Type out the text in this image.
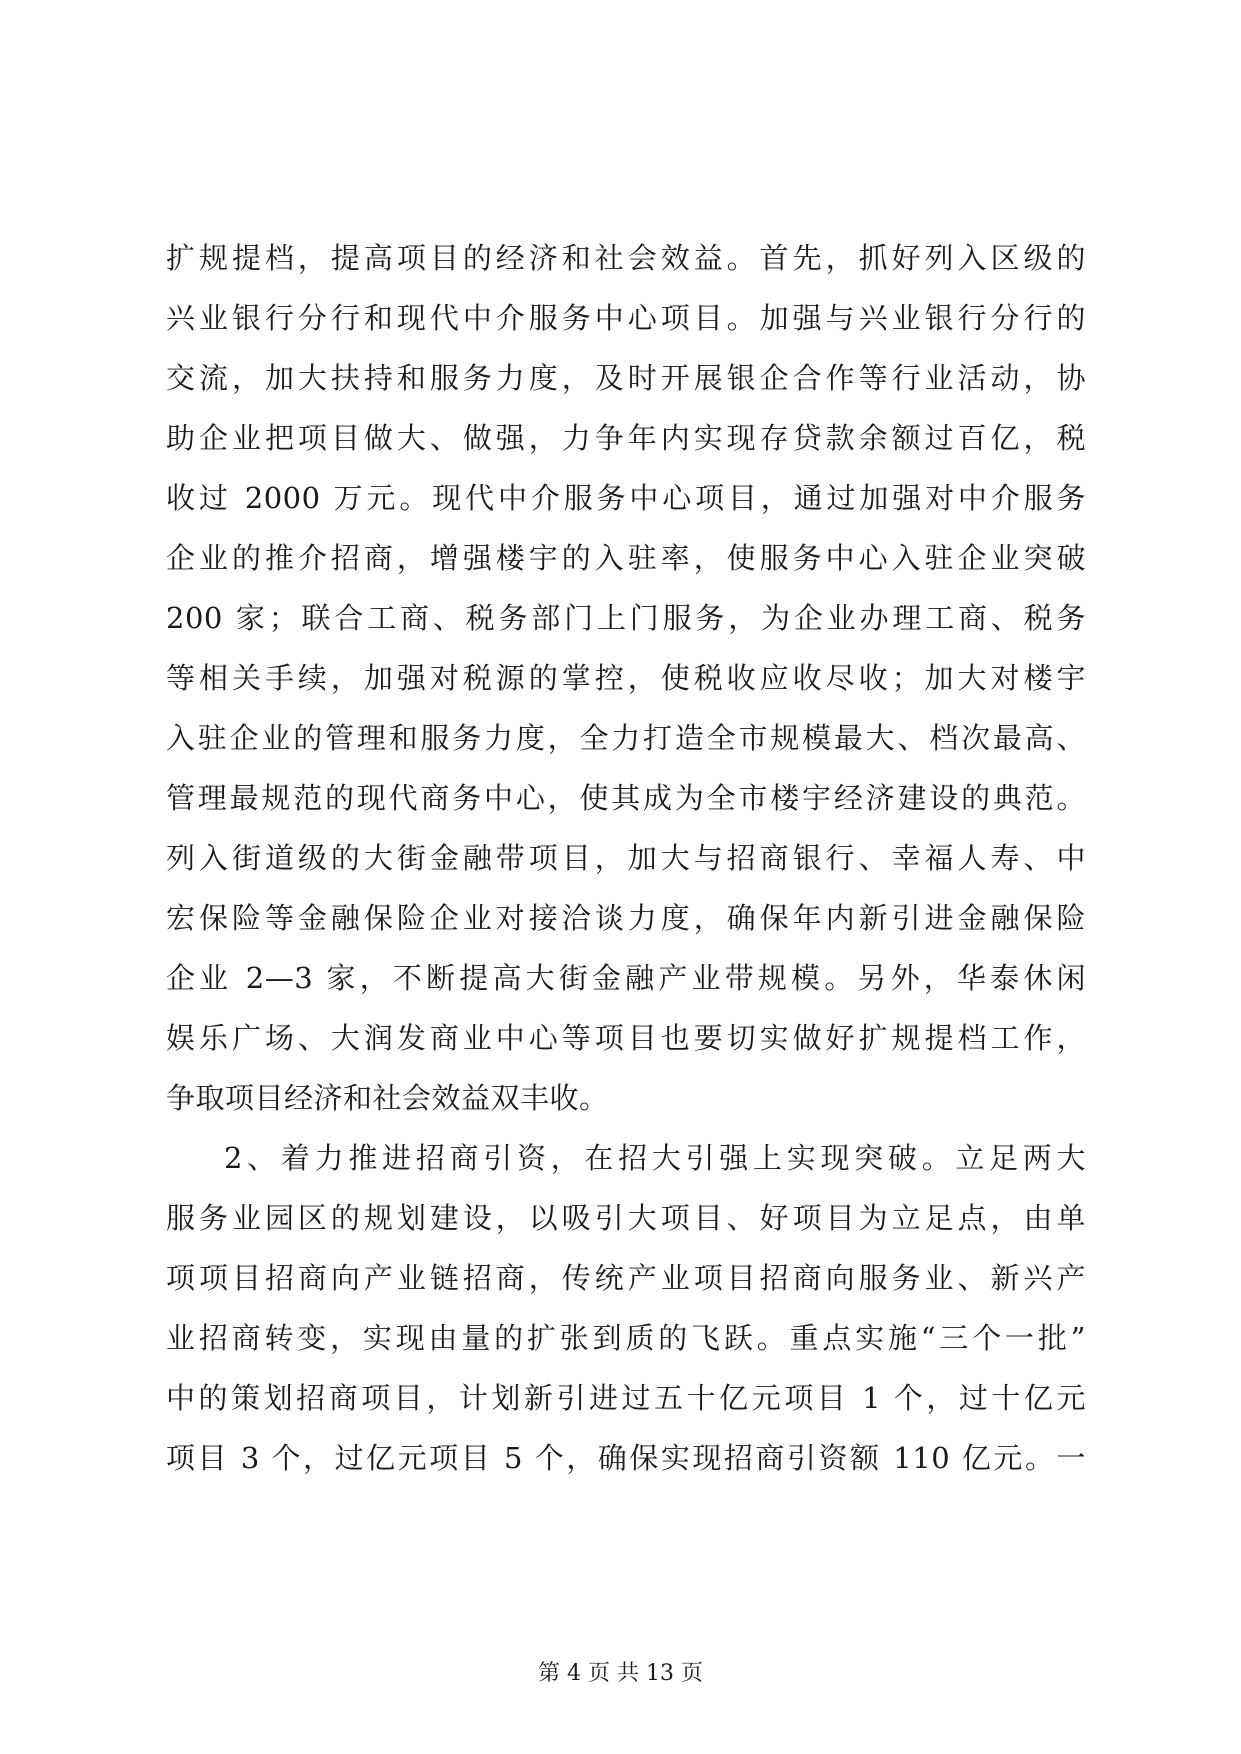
扩规提档，提高项目的经济和社会效益。首先，抓好列入区级的
兴业银行分行和现代中介服务中心项目。加强与兴业银行分行的
交流，加大扶持和服务力度，及时开展银企合作等行业活动，协
助企业把项目做大、做强，力争年内实现存贷款余额过百亿，税
收过 2000 万元。现代中介服务中心项目，通过加强对中介服务
企业的推介招商，增强楼宇的入驻率，使服务中心入驻企业突破
200 家；联合工商、税务部门上门服务，为企业办理工商、税务
等相关手续，加强对税源的掌控，使税收应收尽收；加大对楼宇
入驻企业的管理和服务力度，全力打造全市规模最大、档次最高、
管理最规范的现代商务中心，使其成为全市楼宇经济建设的典范。
列入街道级的大街金融带项目，加大与招商银行、幸福人寿、中
宏保险等金融保险企业对接洽谈力度，确保年内新引进金融保险
企业 2—3 家，不断提高大街金融产业带规模。另外，华泰休闲
娱乐广场、大润发商业中心等项目也要切实做好扩规提档工作，
争取项目经济和社会效益双丰收。
2、着力推进招商引资，在招大引强上实现突破。立足两大
服务业园区的规划建设，以吸引大项目、好项目为立足点，由单
项项目招商向产业链招商，传统产业项目招商向服务业、新兴产
业招商转变，实现由量的扩张到质的飞跃。重点实施“三个一批”
中的策划招商项目，计划新引进过五十亿元项目 1 个，过十亿元
项目 3 个，过亿元项目 5 个，确保实现招商引资额 110 亿元。一
第 4 页 共 13 页
